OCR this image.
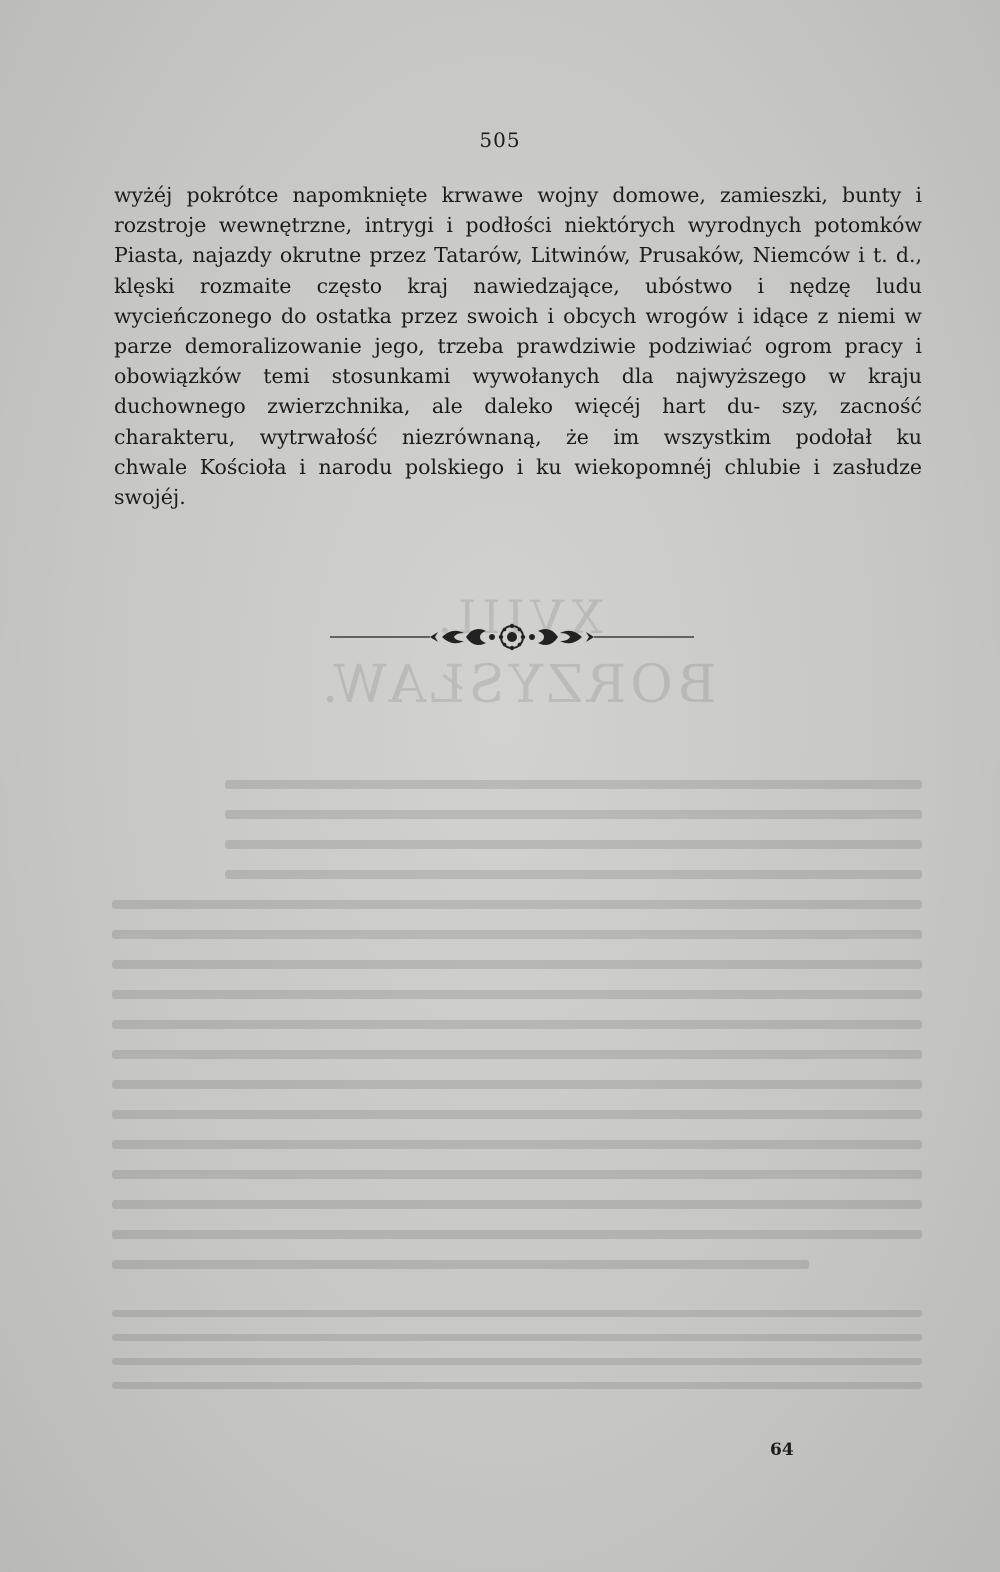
XVIII.
BORZYSŁAW.
505
wyżéj pokrótce napomknięte krwawe wojny domowe, zamieszki, bunty i rozstroje wewnętrzne, intrygi i podłości niektórych wyrodnych potomków Piasta, najazdy okrutne przez Tatarów, Litwinów, Prusaków, Niemców i t. d., klęski rozmaite często kraj nawiedzające, ubóstwo i nędzę ludu wycieńczonego do ostatka przez swoich i obcych wrogów i idące z niemi w parze demoralizowanie jego, trzeba prawdziwie podziwiać ogrom pracy i obowiązków temi stosunkami wywołanych dla najwyższego w kraju duchownego zwierzchnika, ale daleko więcéj hart du- szy, zacność charakteru, wytrwałość niezrównaną, że im wszystkim podołał ku
chwale Kościoła i narodu polskiego i ku wiekopomnéj chlubie i zasłudze swojéj.
64
